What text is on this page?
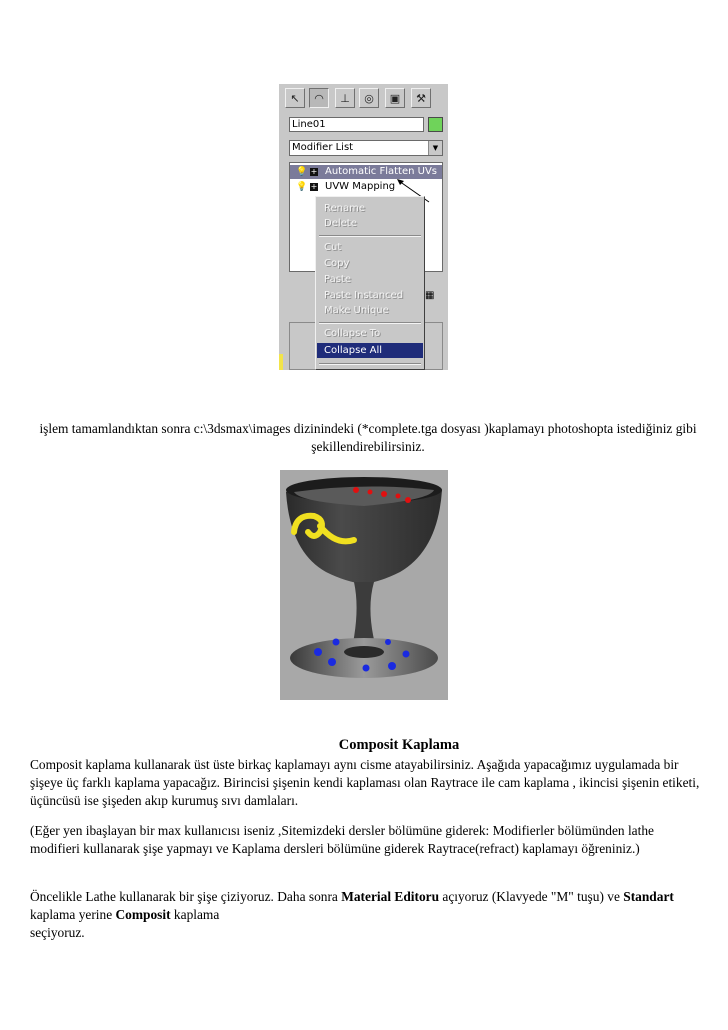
↖	◠	⊥	◎	▣	⚒
Line01
Modifier List	▼
💡 + Automatic Flatten UVs
💡 + UVW Mapping
▦
Rename
Delete
Cut
Copy
Paste
Paste Instanced
Make Unique
Collapse To
Collapse All
işlem tamamlandıktan sonra c:\3dsmax\images dizinindeki (*complete.tga dosyası )kaplamayı photoshopta istediğiniz gibi şekillendirebilirsiniz.
Composit Kaplama
Composit kaplama kullanarak üst üste birkaç kaplamayı aynı cisme atayabilirsiniz. Aşağıda yapacağımız uygulamada bir şişeye üç farklı kaplama yapacağız. Birincisi şişenin kendi kaplaması olan Raytrace ile cam kaplama , ikincisi şişenin etiketi, üçüncüsü ise şişeden akıp kurumuş sıvı damlaları.
(Eğer yen ibaşlayan bir max kullanıcısı iseniz ,Sitemizdeki dersler bölümüne giderek: Modifierler bölümünden lathe modifieri kullanarak şişe yapmayı ve Kaplama dersleri bölümüne giderek Raytrace(refract) kaplamayı öğreniniz.)
Öncelikle Lathe kullanarak bir şişe çiziyoruz. Daha sonra Material Editoru açıyoruz (Klavyede "M" tuşu) ve Standart kaplama yerine Composit kaplama
seçiyoruz.
